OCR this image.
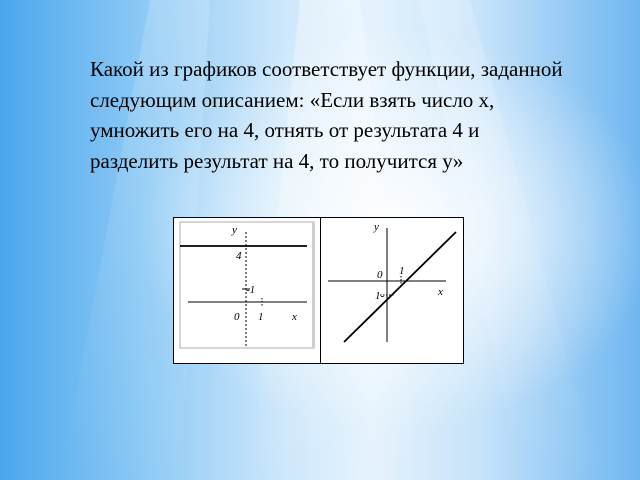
Какой из графиков соответствует функции, заданной следующим описанием: «Если взять число x, умножить его на 4, отнять от результата 4 и разделить результат на 4, то получится y»
y
4
-1
0 1	x
y
0 1
1-	x
